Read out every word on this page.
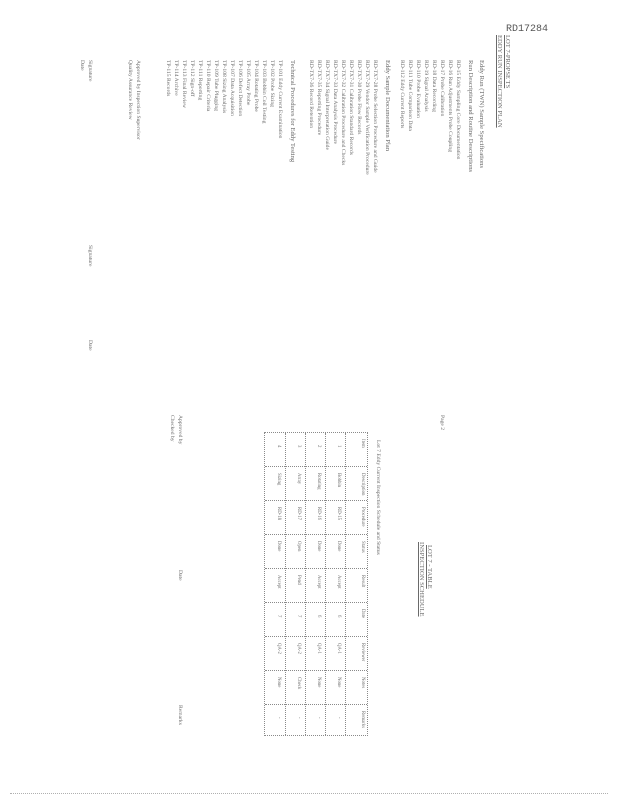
RD17284
LOT 7-PROPSE TS
EDDY RUN INSPECTION PLAN
Eddy Run (TWN) Sample Specifications
Run Description and Routine Descriptions
RD-15 Eddy Sampling Core Documentation
RD-16 Run Adjustments Probe Coupling
RD-17 Probe Calibration
RD-18 Data Recording
RD-19 Signal Analysis
RD-110 Probe Evaluation
RD-111 Tube Comparison Data
RD-112 Eddy Current Reports
Eddy Sample Documentation Plan
RD-TX7-28 Probe Selection Procedure and Guide
RD-TX7-29 Vendor Sample Verification Procedure
RD-TX7-30 Probe Flow Records
RD-TX7-31 Calibration Standard Records
RD-TX7-32 Calibration Procedure and Checks
RD-TX7-33 Data Analysis Procedure
RD-TX7-34 Signal Interpretation Guide
RD-TX7-35 Reporting Procedure
RD-TX7-36 Record Retention
Technical Procedures for Eddy Testing
TP-101 Eddy Current Examination
TP-102 Probe Sizing
TP-103 Bobbin Coil Testing
TP-104 Rotating Probe
TP-105 Array Probe
TP-106 Defect Detection
TP-107 Data Acquisition
TP-108 Sizing Analysis
TP-109 Tube Plugging
TP-110 Repair Criteria
TP-111 Reporting
TP-112 Sign-off
TP-113 Final Review
TP-114 Archive
TP-115 Records
Approved by Inspection Supervisor
Quality Assurance Review
Signature
Date
Signature
Date
Page 2
LOT 7 - TABLE
INSPECTION SCHEDULE
Lot 7 Eddy Current Inspection Schedule and Status
Item
Description
Procedure
Status
Result
Date
Reviewer
Notes
Remarks
1
Bobbin
RD-15
Done
Accept
6
QA-1
None
-
2
Rotating
RD-16
Done
Accept
6
QA-1
None
-
3
Array
RD-17
Open
Pend
7
QA-2
Check
-
4
Sizing
RD-18
Done
Accept
7
QA-2
None
-
Approved by
Checked by
Date
Remarks
